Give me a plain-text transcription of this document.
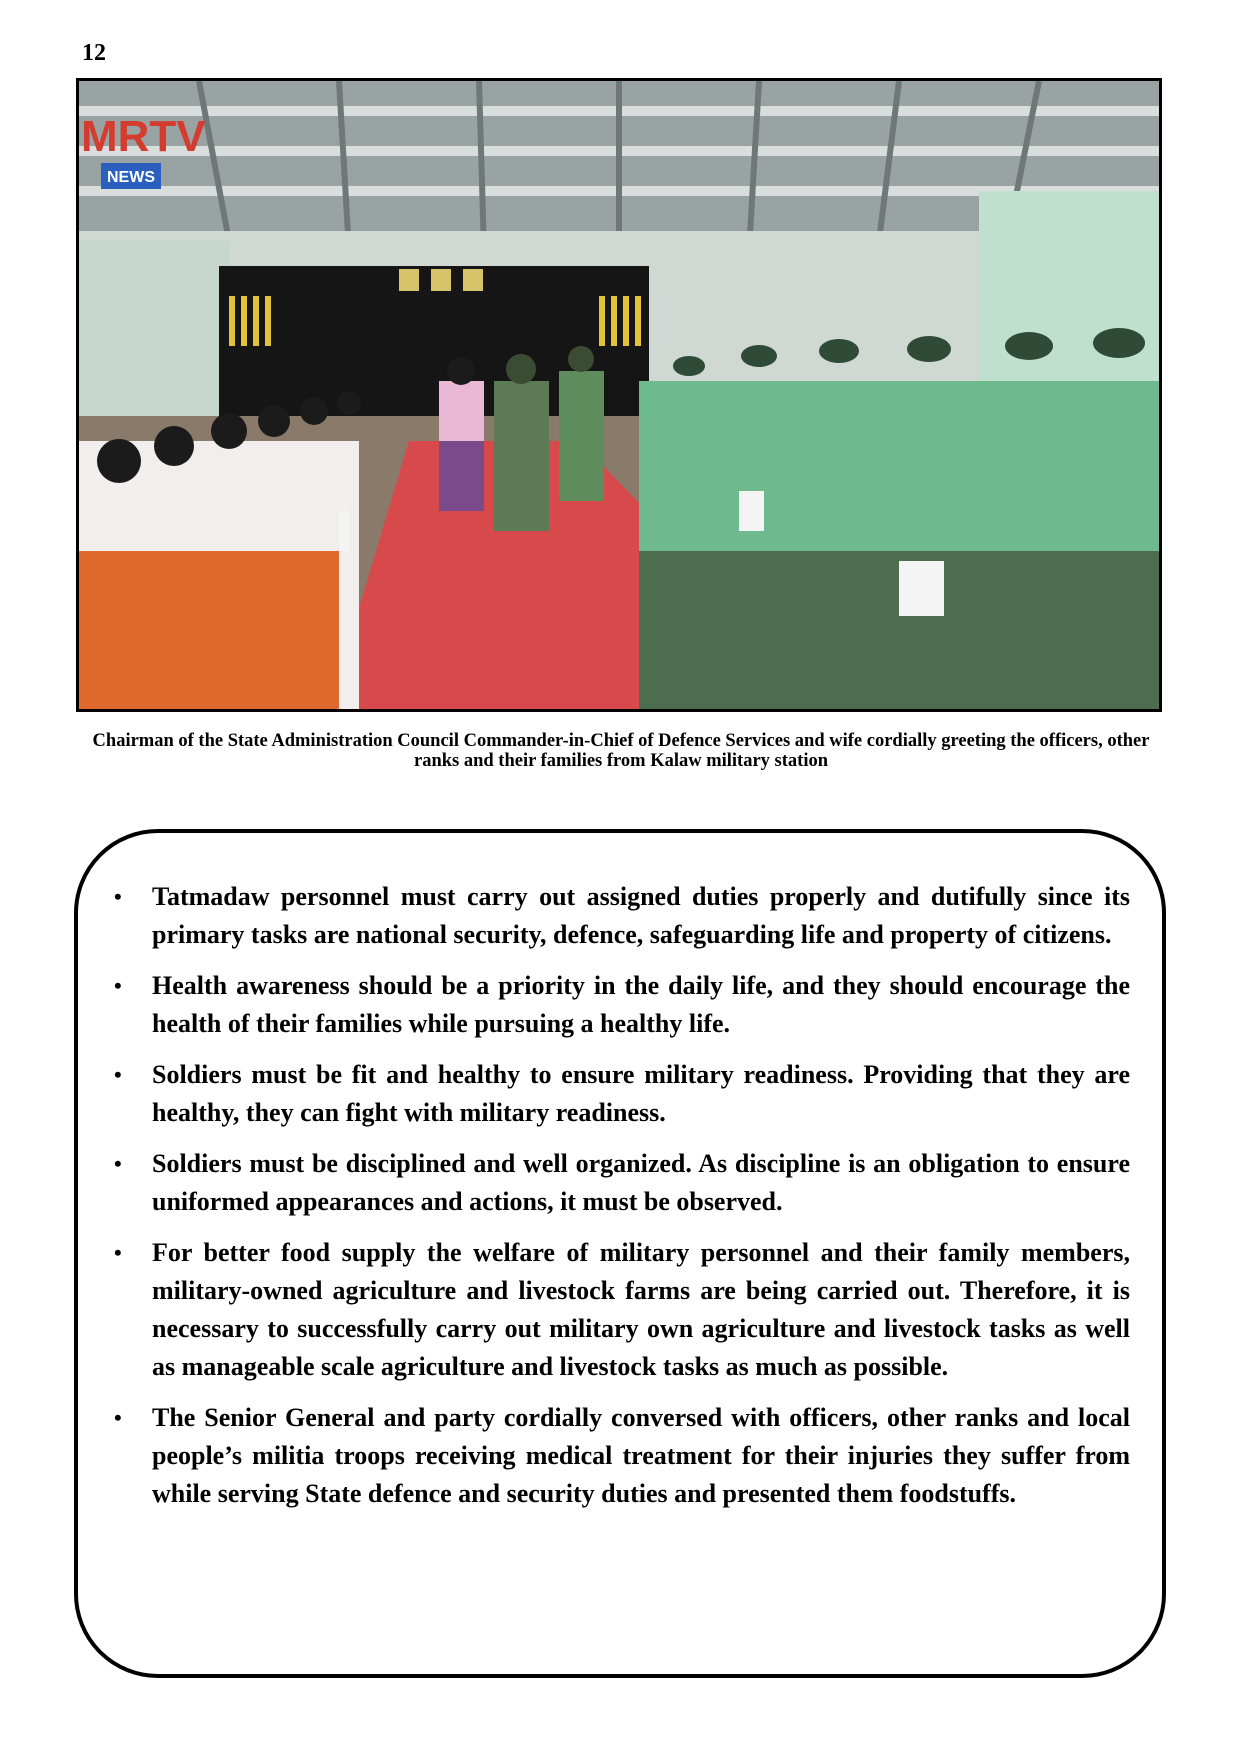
12
MRTV
NEWS
Chairman of the State Administration Council Commander-in-Chief of Defence Services and wife cordially greeting the officers, other ranks and their families from Kalaw military station
• Tatmadaw personnel must carry out assigned duties properly and dutifully since its primary tasks are national security, defence, safeguarding life and property of citizens.
• Health awareness should be a priority in the daily life, and they should encourage the health of their families while pursuing a healthy life.
• Soldiers must be fit and healthy to ensure military readiness. Providing that they are healthy, they can fight with military readiness.
• Soldiers must be disciplined and well organized. As discipline is an obligation to ensure uniformed appearances and actions, it must be observed.
• For better food supply the welfare of military personnel and their family members, military-owned agriculture and livestock farms are being carried out. Therefore, it is necessary to successfully carry out military own agriculture and livestock tasks as well as manageable scale agriculture and livestock tasks as much as possible.
• The Senior General and party cordially conversed with officers, other ranks and local people’s militia troops receiving medical treatment for their injuries they suffer from while serving State defence and security duties and presented them foodstuffs.
